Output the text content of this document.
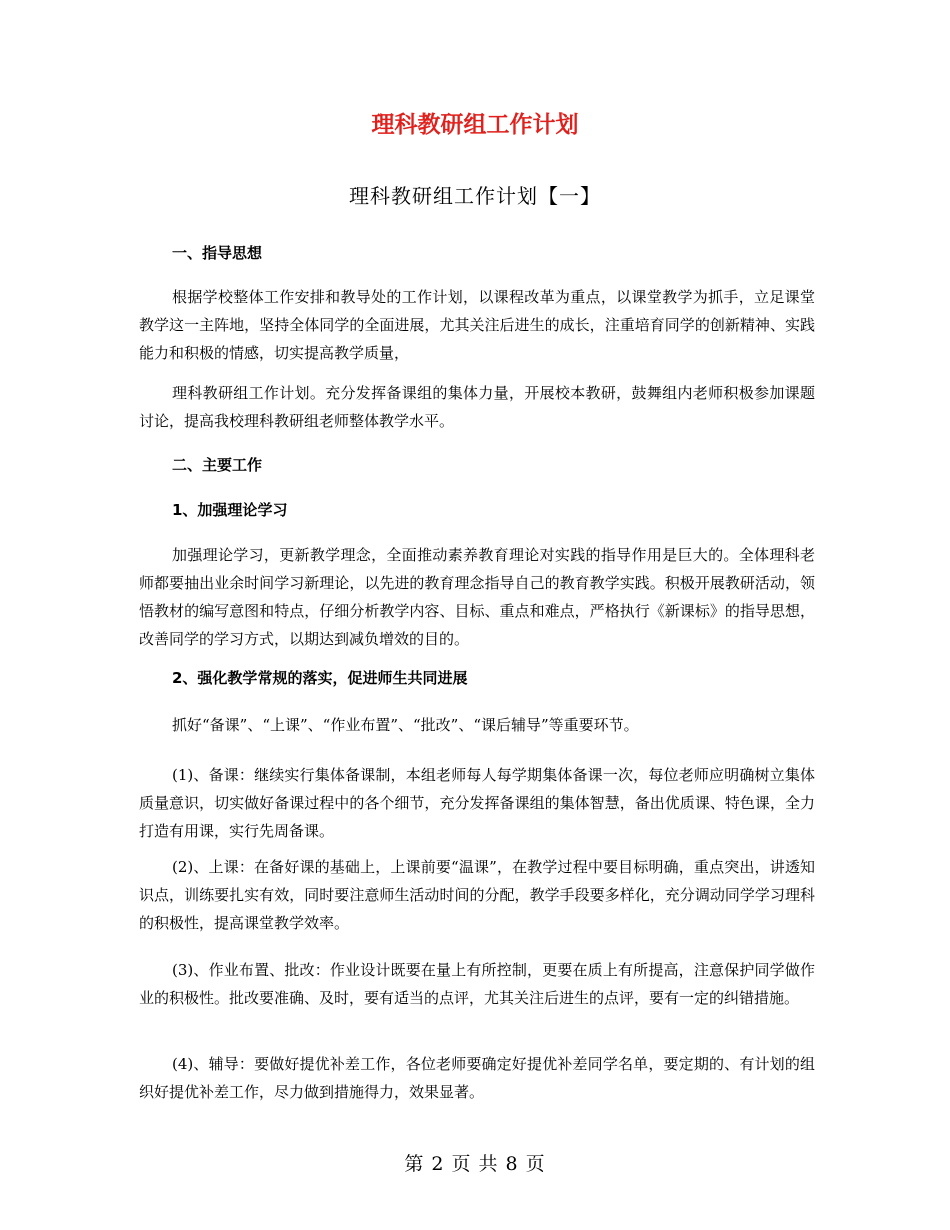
理科教研组工作计划
理科教研组工作计划【一】
一、指导思想

根据学校整体工作安排和教导处的工作计划，以课程改革为重点，以课堂教学为抓手，立足课堂教学这一主阵地，坚持全体同学的全面进展，尤其关注后进生的成长，注重培育同学的创新精神、实践能力和积极的情感，切实提高教学质量，

理科教研组工作计划。充分发挥备课组的集体力量，开展校本教研，鼓舞组内老师积极参加课题讨论，提高我校理科教研组老师整体教学水平。

二、主要工作
1、加强理论学习

加强理论学习，更新教学理念，全面推动素养教育理论对实践的指导作用是巨大的。全体理科老师都要抽出业余时间学习新理论，以先进的教育理念指导自己的教育教学实践。积极开展教研活动，领悟教材的编写意图和特点，仔细分析教学内容、目标、重点和难点，严格执行《新课标》的指导思想，改善同学的学习方式，以期达到减负增效的目的。

2、强化教学常规的落实，促进师生共同进展

抓好“备课”、“上课”、“作业布置”、“批改”、“课后辅导”等重要环节。

(1)、备课：继续实行集体备课制，本组老师每人每学期集体备课一次，每位老师应明确树立集体质量意识，切实做好备课过程中的各个细节，充分发挥备课组的集体智慧，备出优质课、特色课，全力打造有用课，实行先周备课。

(2)、上课：在备好课的基础上，上课前要“温课”，在教学过程中要目标明确，重点突出，讲透知识点，训练要扎实有效，同时要注意师生活动时间的分配，教学手段要多样化，充分调动同学学习理科的积极性，提高课堂教学效率。

(3)、作业布置、批改：作业设计既要在量上有所控制，更要在质上有所提高，注意保护同学做作业的积极性。批改要准确、及时，要有适当的点评，尤其关注后进生的点评，要有一定的纠错措施。

(4)、辅导：要做好提优补差工作，各位老师要确定好提优补差同学名单，要定期的、有计划的组织好提优补差工作，尽力做到措施得力，效果显著。

第 2 页 共 8 页
